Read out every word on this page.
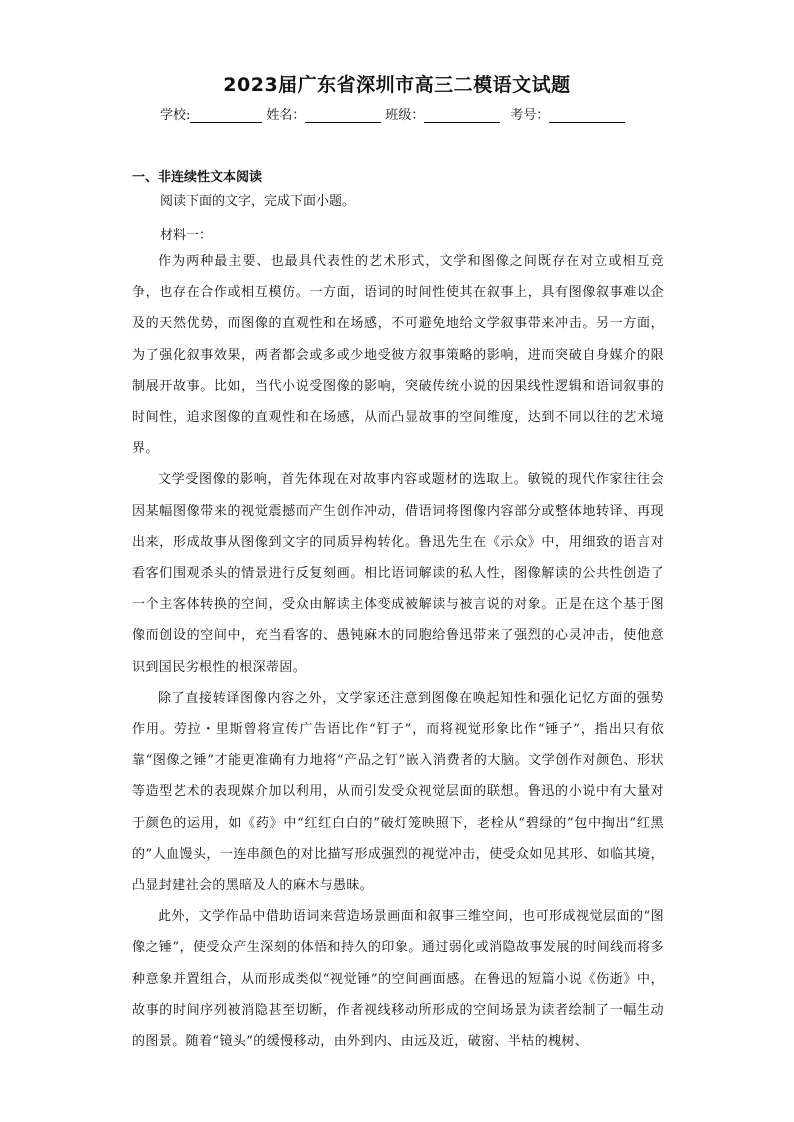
2023届广东省深圳市高三二模语文试题
学校:	姓名：	班级：	考号：
一、非连续性文本阅读
阅读下面的文字，完成下面小题。
材料一：

作为两种最主要、也最具代表性的艺术形式，文学和图像之间既存在对立或相互竞争，也存在合作或相互模仿。一方面，语词的时间性使其在叙事上，具有图像叙事难以企及的天然优势，而图像的直观性和在场感，不可避免地给文学叙事带来冲击。另一方面，为了强化叙事效果，两者都会或多或少地受彼方叙事策略的影响，进而突破自身媒介的限制展开故事。比如，当代小说受图像的影响，突破传统小说的因果线性逻辑和语词叙事的时间性，追求图像的直观性和在场感，从而凸显故事的空间维度，达到不同以往的艺术境界。

文学受图像的影响，首先体现在对故事内容或题材的选取上。敏锐的现代作家往往会因某幅图像带来的视觉震撼而产生创作冲动，借语词将图像内容部分或整体地转译、再现出来，形成故事从图像到文字的同质异构转化。鲁迅先生在《示众》中，用细致的语言对看客们围观杀头的情景进行反复刻画。相比语词解读的私人性，图像解读的公共性创造了一个主客体转换的空间，受众由解读主体变成被解读与被言说的对象。正是在这个基于图像而创设的空间中，充当看客的、愚钝麻木的同胞给鲁迅带来了强烈的心灵冲击，使他意识到国民劣根性的根深蒂固。

除了直接转译图像内容之外，文学家还注意到图像在唤起知性和强化记忆方面的强势作用。劳拉・里斯曾将宣传广告语比作“钉子”，而将视觉形象比作“锤子”，指出只有依靠“图像之锤”才能更准确有力地将“产品之钉”嵌入消费者的大脑。文学创作对颜色、形状等造型艺术的表现媒介加以利用，从而引发受众视觉层面的联想。鲁迅的小说中有大量对于颜色的运用，如《药》中“红红白白的”破灯笼映照下，老栓从“碧绿的”包中掏出“红黑的”人血馒头，一连串颜色的对比描写形成强烈的视觉冲击，使受众如见其形、如临其境，凸显封建社会的黑暗及人的麻木与愚昧。

此外，文学作品中借助语词来营造场景画面和叙事三维空间，也可形成视觉层面的“图像之锤”，使受众产生深刻的体悟和持久的印象。通过弱化或消隐故事发展的时间线而将多种意象并置组合，从而形成类似“视觉锤”的空间画面感。在鲁迅的短篇小说《伤逝》中，故事的时间序列被消隐甚至切断，作者视线移动所形成的空间场景为读者绘制了一幅生动的图景。随着“镜头”的缓慢移动，由外到内、由远及近，破窗、半枯的槐树、
